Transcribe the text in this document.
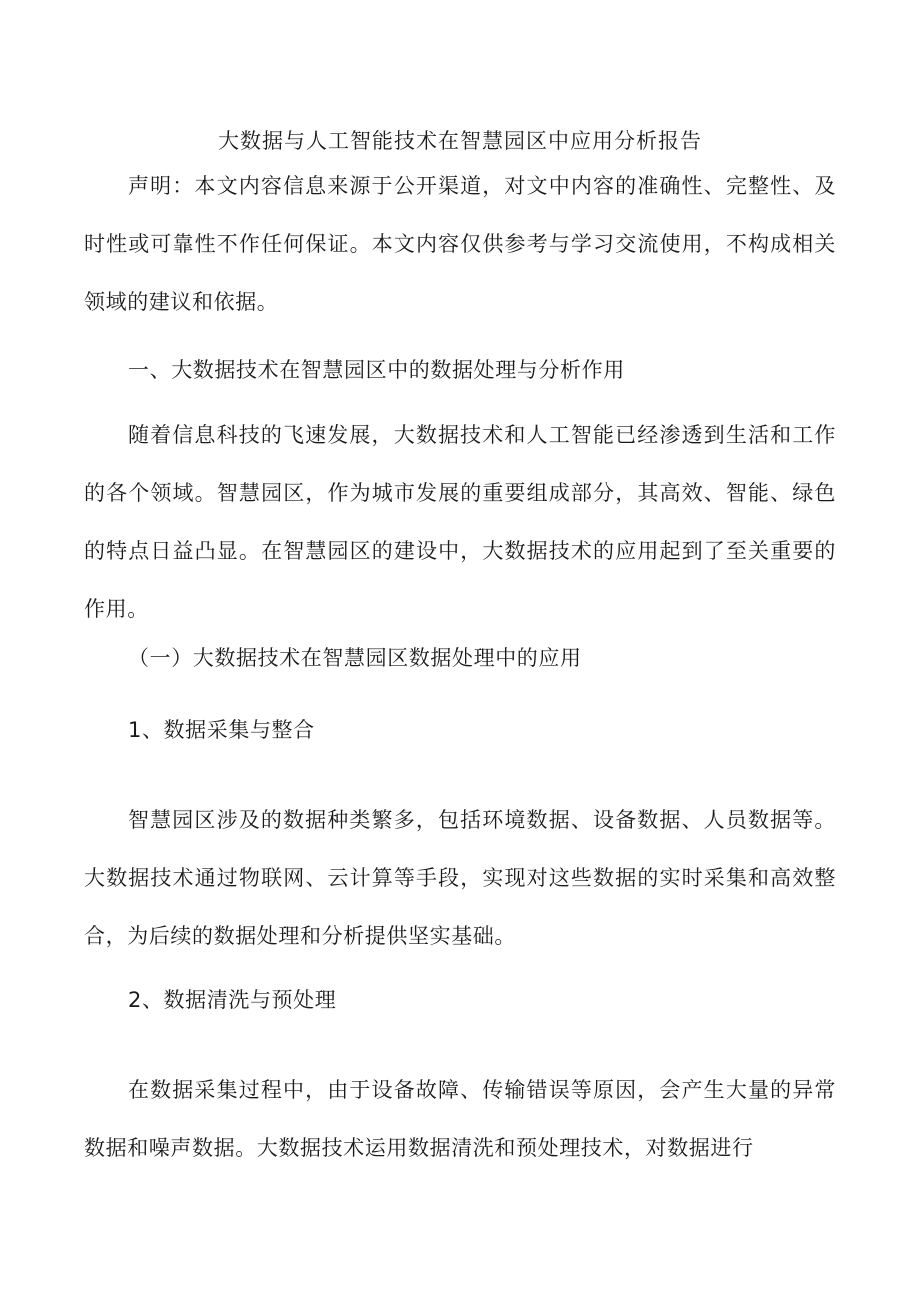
大数据与人工智能技术在智慧园区中应用分析报告

声明：本文内容信息来源于公开渠道，对文中内容的准确性、完整性、及时性或可靠性不作任何保证。本文内容仅供参考与学习交流使用，不构成相关领域的建议和依据。

一、大数据技术在智慧园区中的数据处理与分析作用

随着信息科技的飞速发展，大数据技术和人工智能已经渗透到生活和工作的各个领域。智慧园区，作为城市发展的重要组成部分，其高效、智能、绿色的特点日益凸显。在智慧园区的建设中，大数据技术的应用起到了至关重要的作用。

（一）大数据技术在智慧园区数据处理中的应用

1、数据采集与整合

智慧园区涉及的数据种类繁多，包括环境数据、设备数据、人员数据等。大数据技术通过物联网、云计算等手段，实现对这些数据的实时采集和高效整合，为后续的数据处理和分析提供坚实基础。

2、数据清洗与预处理

在数据采集过程中，由于设备故障、传输错误等原因，会产生大量的异常数据和噪声数据。大数据技术运用数据清洗和预处理技术，对数据进行
